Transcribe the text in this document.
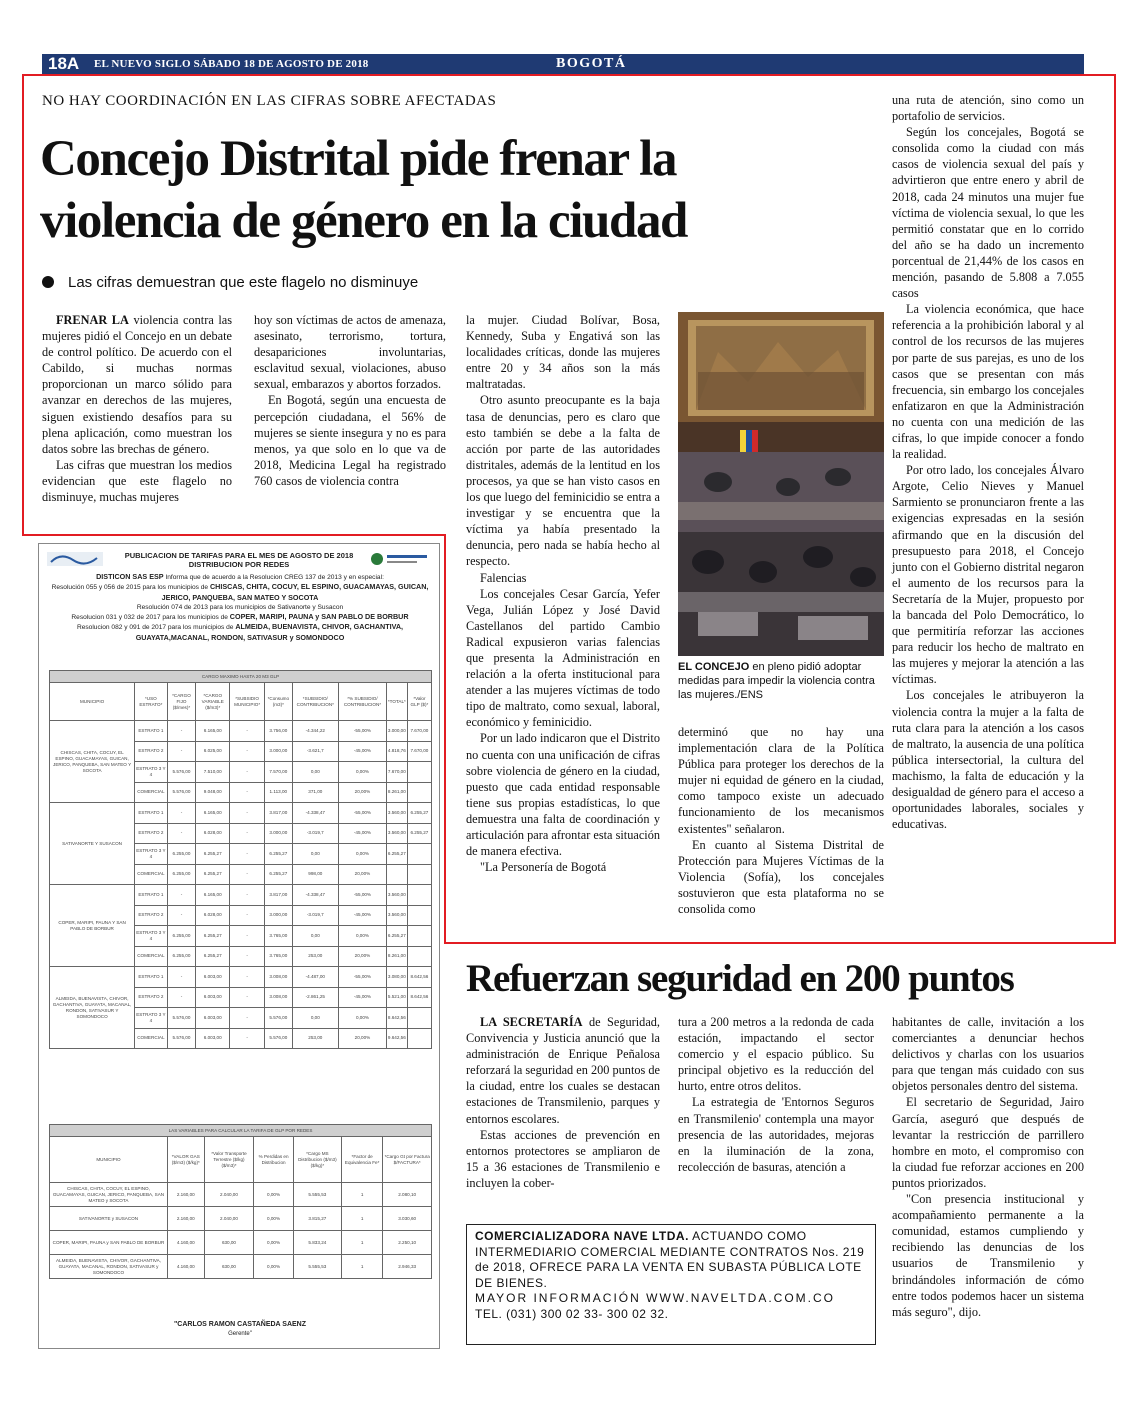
18A EL NUEVO SIGLO SÁBADO 18 DE AGOSTO DE 2018	BOGOTÁ
NO HAY COORDINACIÓN EN LAS CIFRAS SOBRE AFECTADAS
Concejo Distrital pide frenar la violencia de género en la ciudad
Las cifras demuestran que este flagelo no disminuye

FRENAR LA violencia contra las mujeres pidió el Concejo en un debate de control político. De acuerdo con el Cabildo, si muchas normas proporcionan un marco sólido para avanzar en derechos de las mujeres, siguen existiendo desafíos para su plena aplicación, como muestran los datos sobre las brechas de género.

Las cifras que muestran los medios evidencian que este flagelo no disminuye, muchas mujeres

hoy son víctimas de actos de amenaza, asesinato, terrorismo, tortura, desapariciones involuntarias, esclavitud sexual, violaciones, abuso sexual, embarazos y abortos forzados.

En Bogotá, según una encuesta de percepción ciudadana, el 56% de mujeres se siente insegura y no es para menos, ya que solo en lo que va de 2018, Medicina Legal ha registrado 760 casos de violencia contra

la mujer. Ciudad Bolívar, Bosa, Kennedy, Suba y Engativá son las localidades críticas, donde las mujeres entre 20 y 34 años son la más maltratadas.

Otro asunto preocupante es la baja tasa de denuncias, pero es claro que esto también se debe a la falta de acción por parte de las autoridades distritales, además de la lentitud en los procesos, ya que se han visto casos en los que luego del feminicidio se entra a investigar y se encuentra que la víctima ya había presentado la denuncia, pero nada se había hecho al respecto.

Falencias

Los concejales Cesar García, Yefer Vega, Julián López y José David Castellanos del partido Cambio Radical expusieron varias falencias que presenta la Administración en relación a la oferta institucional para atender a las mujeres víctimas de todo tipo de maltrato, como sexual, laboral, económico y feminicidio.

Por un lado indicaron que el Distrito no cuenta con una unificación de cifras sobre violencia de género en la ciudad, puesto que cada entidad responsable tiene sus propias estadísticas, lo que demuestra una falta de coordinación y articulación para afrontar esta situación de manera efectiva.

"La Personería de Bogotá

EL CONCEJO en pleno pidió adoptar medidas para impedir la violencia contra las mujeres./ENS

determinó que no hay una implementación clara de la Política Pública para proteger los derechos de la mujer ni equidad de género en la ciudad, como tampoco existe un adecuado funcionamiento de los mecanismos existentes" señalaron.

En cuanto al Sistema Distrital de Protección para Mujeres Víctimas de la Violencia (Sofía), los concejales sostuvieron que esta plataforma no se consolida como

una ruta de atención, sino como un portafolio de servicios.

Según los concejales, Bogotá se consolida como la ciudad con más casos de violencia sexual del país y advirtieron que entre enero y abril de 2018, cada 24 minutos una mujer fue víctima de violencia sexual, lo que les permitió constatar que en lo corrido del año se ha dado un incremento porcentual de 21,44% de los casos en mención, pasando de 5.808 a 7.055 casos

La violencia económica, que hace referencia a la prohibición laboral y al control de los recursos de las mujeres por parte de sus parejas, es uno de los casos que se presentan con más frecuencia, sin embargo los concejales enfatizaron en que la Administración no cuenta con una medición de las cifras, lo que impide conocer a fondo la realidad.

Por otro lado, los concejales Álvaro Argote, Celio Nieves y Manuel Sarmiento se pronunciaron frente a las exigencias expresadas en la sesión afirmando que en la discusión del presupuesto para 2018, el Concejo junto con el Gobierno distrital negaron el aumento de los recursos para la Secretaría de la Mujer, propuesto por la bancada del Polo Democrático, lo que permitiría reforzar las acciones para reducir los hecho de maltrato en las mujeres y mejorar la atención a las víctimas.

Los concejales le atribuyeron la violencia contra la mujer a la falta de ruta clara para la atención a los casos de maltrato, la ausencia de una política pública intersectorial, la cultura del machismo, la falta de educación y la desigualdad de género para el acceso a oportunidades laborales, sociales y educativas.

Refuerzan seguridad en 200 puntos

LA SECRETARÍA de Seguridad, Convivencia y Justicia anunció que la administración de Enrique Peñalosa reforzará la seguridad en 200 puntos de la ciudad, entre los cuales se destacan estaciones de Transmilenio, parques y entornos escolares.

Estas acciones de prevención en entornos protectores se ampliaron de 15 a 36 estaciones de Transmilenio e incluyen la cober-

tura a 200 metros a la redonda de cada estación, impactando el sector comercio y el espacio público. Su principal objetivo es la reducción del hurto, entre otros delitos.

La estrategia de 'Entornos Seguros en Transmilenio' contempla una mayor presencia de las autoridades, mejoras en la iluminación de la zona, recolección de basuras, atención a

habitantes de calle, invitación a los comerciantes a denunciar hechos delictivos y charlas con los usuarios para que tengan más cuidado con sus objetos personales dentro del sistema.

El secretario de Seguridad, Jairo García, aseguró que después de levantar la restricción de parrillero hombre en moto, el compromiso con la ciudad fue reforzar acciones en 200 puntos priorizados.

"Con presencia institucional y acompañamiento permanente a la comunidad, estamos cumpliendo y recibiendo las denuncias de los usuarios de Transmilenio y brindándoles información de cómo entre todos podemos hacer un sistema más seguro", dijo.

COMERCIALIZADORA NAVE LTDA. ACTUANDO COMO INTERMEDIARIO COMERCIAL MEDIANTE CONTRATOS Nos. 219 de 2018, OFRECE PARA LA VENTA EN SUBASTA PÚBLICA LOTE DE BIENES.
MAYOR INFORMACIÓN WWW.NAVELTDA.COM.CO
TEL. (031) 300 02 33- 300 02 32.
PUBLICACION DE TARIFAS PARA EL MES DE AGOSTO DE 2018
DISTRIBUCION POR REDES
DISTICON SAS ESP Informa que de acuerdo a la Resolucion CREG 137 de 2013 y en especial:
Resolución 055 y 056 de 2015 para los municipios de CHISCAS, CHITA, COCUY, EL ESPINO, GUACAMAYAS, GUICAN, JERICO, PANQUEBA, SAN MATEO Y SOCOTA
Resolución 074 de 2013 para los municipios de Sativanorte y Susacon
Resolucion 031 y 032 de 2017 para los municipios de COPER, MARIPI, PAUNA y SAN PABLO DE BORBUR
Resolucion 082 y 091 de 2017 para los municipios de ALMEIDA, BUENAVISTA, CHIVOR, GACHANTIVA, GUAYATA,MACANAL, RONDON, SATIVASUR y SOMONDOCO
CARGO MAXIMO HASTA 20 M3 GLP									
MUNICIPIO	*USO ESTRATO*	*CARGO FIJO ($/mes)*	*CARGO VARIABLE ($/m3)*	*SUBSIDIO MUNICIPIO*	*Consumo (m3)*	*SUBSIDIO/ CONTRIBUCION*	*% SUBSIDIO/ CONTRIBUCION*	*TOTAL*	*Valor GLP ($)*
CHISCAS, CHITA, COCUY, EL ESPINO, GUACAMAYAS, GUICAN, JERICO, PANQUEBA, SAN MATEO Y SOCOTA	ESTRATO 1	-	6.165,00	-	3.756,00	-4.344,22	-55,00%	3.000,00	7.670,00
	ESTRATO 2	-	6.025,00	-	3.000,00	-3.621,7	-45,00%	4.818,76	7.670,00
	ESTRATO 3 Y 4	5.576,00	7.510,00	-	7.570,00	0,00	0,00%	7.670,00	
	COMERCIAL	5.576,00	9.048,00	-	1.113,00	371,00	20,00%	8.261,00	
SATIVANORTE Y SUSACON	ESTRATO 1	-	6.165,00	-	3.817,00	-4.338,47	-55,00%	3.560,00	6.255,27
	ESTRATO 2	-	6.028,00	-	3.000,00	-3.019,7	-45,00%	3.560,00	6.255,27
	ESTRATO 3 Y 4	6.255,00	6.255,27	-	6.255,27	0,00	0,00%	6.255,27	
	COMERCIAL	6.255,00	6.255,27	-	6.255,27	998,00	20,00%		
COPER, MARIPI, PAUNA Y SAN PABLO DE BORBUR	ESTRATO 1	-	6.165,00	-	3.817,00	-4.338,47	-55,00%	3.560,00	
	ESTRATO 2	-	6.028,00	-	3.000,00	-3.019,7	-45,00%	3.560,00	
	ESTRATO 3 Y 4	6.255,00	6.255,27	-	3.765,00	0,00	0,00%	6.255,27	
	COMERCIAL	6.255,00	6.255,27	-	3.765,00	253,00	20,00%	8.261,00	
ALMEIDA, BUENAVISTA, CHIVOR, GACHANTIVA, GUAYATA, MACANAL, RONDON, SATIVASUR Y SOMONDOCO	ESTRATO 1	-	6.003,00	-	3.008,00	-4.487,00	-55,00%	3.080,00	8.642,56
	ESTRATO 2	-	6.003,00	-	3.008,00	-2.861,25	-45,00%	5.521,00	8.642,56
	ESTRATO 3 Y 4	5.576,00	6.003,00	-	5.576,00	0,00	0,00%	8.642,56	
	COMERCIAL	5.576,00	6.003,00	-	5.576,00	253,00	20,00%	9.642,56	
LAS VARIABLES PARA CALCULAR LA TARIFA DE GLP POR REDES						
MUNICIPIO	*VALOR GAS ($/m3) ($/kg)*	*Valor Transporte Terrestre ($/kg) ($/m3)*	% Perdidas en Distribucion	*Cargo MS Distribucion ($/m3) ($/kg)*	*Factor de Equivalencia Fe*	*Cargo Gt por Factura $/FACTURA*
CHISCAS, CHITA, COCUY, EL ESPINO, GUACAMAYAS, GUICAN, JERICO, PANQUEBA, SAN MATEO y SOCOTA	2.160,00	2.040,00	0,00%	5.555,53	1	2.080,10
SATIVANORTE y SUSACON	2.160,00	2.040,00	0,00%	3.815,27	1	3.030,60
COPER, MARIPI, PAUNA y SAN PABLO DE BORBUR	4.160,00	630,00	0,00%	5.833,24	1	2.250,10
ALMEIDA, BUENAVISTA, CHIVOR, GACHANTIVA, GUAYATA, MACANAL, RONDON, SATIVASUR y SOMONDOCO	4.160,00	630,00	0,00%	5.555,53	1	2.946,33
"CARLOS RAMON CASTAÑEDA SAENZ
Gerente"
